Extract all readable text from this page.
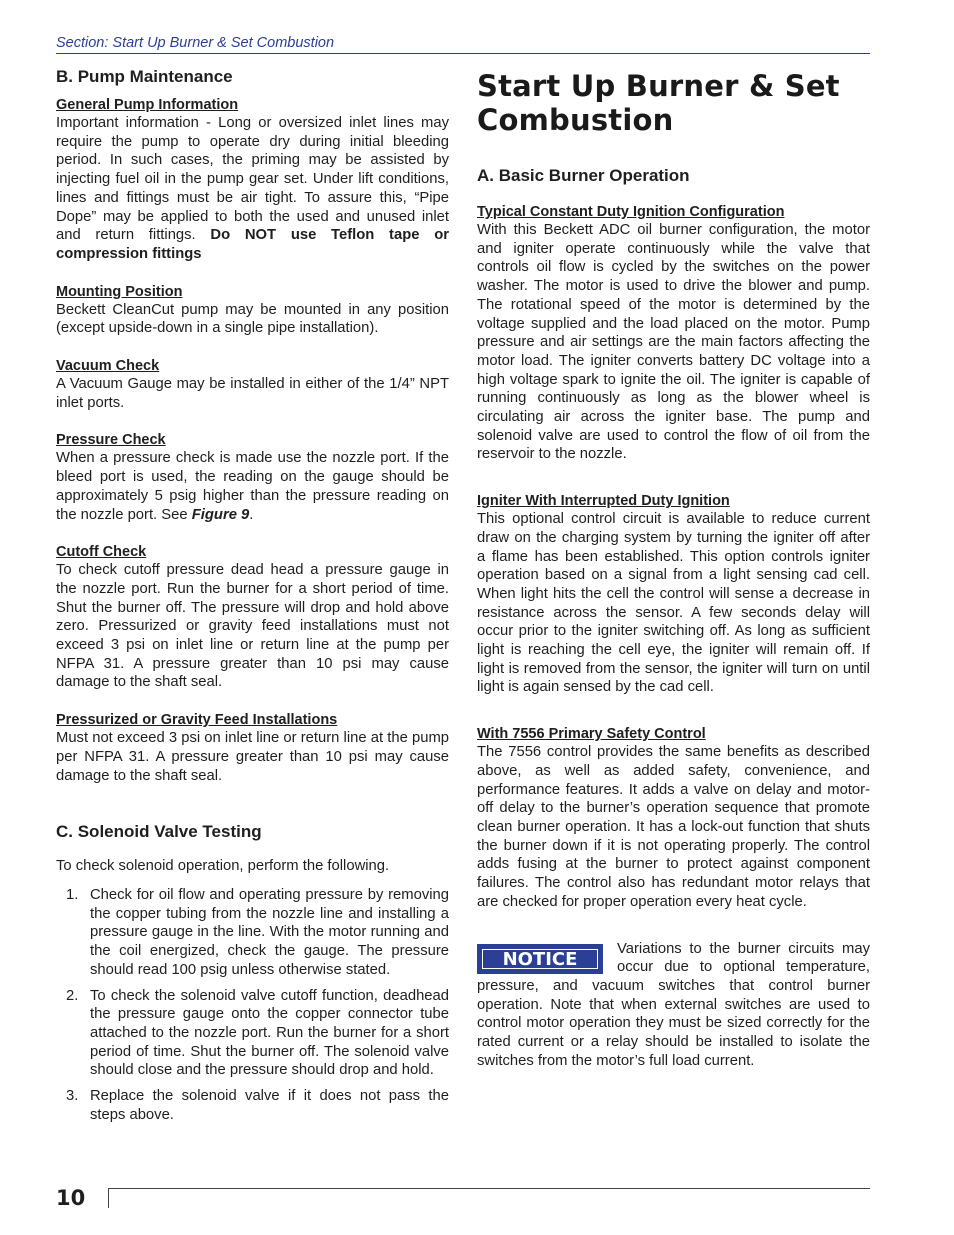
Section: Start Up Burner & Set Combustion
B. Pump Maintenance
General Pump Information

Important information - Long or oversized inlet lines may require the pump to operate dry during initial bleeding period. In such cases, the priming may be assisted by injecting fuel oil in the pump gear set. Under lift conditions, lines and fittings must be air tight. To assure this, “Pipe Dope” may be applied to both the used and unused inlet and return fittings. Do NOT use Teflon tape or compression fittings

Mounting Position

Beckett CleanCut pump may be mounted in any position (except upside-down in a single pipe installation).

Vacuum Check

A Vacuum Gauge may be installed in either of the 1/4” NPT inlet ports.

Pressure Check

When a pressure check is made use the nozzle port. If the bleed port is used, the reading on the gauge should be approximately 5 psig higher than the pressure reading on the nozzle port. See Figure 9.

Cutoff Check

To check cutoff pressure dead head a pressure gauge in the nozzle port. Run the burner for a short period of time. Shut the burner off. The pressure will drop and hold above zero. Pressurized or gravity feed installations must not exceed 3 psi on inlet line or return line at the pump per NFPA 31. A pressure greater than 10 psi may cause damage to the shaft seal.

Pressurized or Gravity Feed Installations

Must not exceed 3 psi on inlet line or return line at the pump per NFPA 31. A pressure greater than 10 psi may cause damage to the shaft seal.

C. Solenoid Valve Testing

To check solenoid operation, perform the following.

1. Check for oil flow and operating pressure by removing the copper tubing from the nozzle line and installing a pressure gauge in the line. With the motor running and the coil energized, check the gauge. The pressure should read 100 psig unless otherwise stated.
2. To check the solenoid valve cutoff function, deadhead the pressure gauge onto the copper connector tube attached to the nozzle port. Run the burner for a short period of time. Shut the burner off. The solenoid valve should close and the pressure should drop and hold.
3. Replace the solenoid valve if it does not pass the steps above.
Start Up Burner & Set
Combustion
A. Basic Burner Operation
Typical Constant Duty Ignition Configuration

With this Beckett ADC oil burner configuration, the motor and igniter operate continuously while the valve that controls oil flow is cycled by the switches on the power washer. The motor is used to drive the blower and pump. The rotational speed of the motor is determined by the voltage supplied and the load placed on the motor. Pump pressure and air settings are the main factors affecting the motor load. The igniter converts battery DC voltage into a high voltage spark to ignite the oil. The igniter is capable of running continuously as long as the blower wheel is circulating air across the igniter base. The pump and solenoid valve are used to control the flow of oil from the reservoir to the nozzle.

Igniter With Interrupted Duty Ignition

This optional control circuit is available to reduce current draw on the charging system by turning the igniter off after a flame has been established. This option controls igniter operation based on a signal from a light sensing cad cell. When light hits the cell the control will sense a decrease in resistance across the sensor. A few seconds delay will occur prior to the igniter switching off. As long as sufficient light is reaching the cell eye, the igniter will remain off. If light is removed from the sensor, the igniter will turn on until light is again sensed by the cad cell.

With 7556 Primary Safety Control

The 7556 control provides the same benefits as described above, as well as added safety, convenience, and performance features. It adds a valve on delay and motor-off delay to the burner’s operation sequence that promote clean burner operation. It has a lock-out function that shuts the burner down if it is not operating properly. The control adds fusing at the burner to protect against component failures. The control also has redundant motor relays that are checked for proper operation every heat cycle.

NOTICE	Variations to the burner circuits may occur due to optional temperature, pressure, and vacuum switches that control burner operation. Note that when external switches are used to control motor operation they must be sized correctly for the rated current or a relay should be installed to isolate the switches from the motor’s full load current.

10
